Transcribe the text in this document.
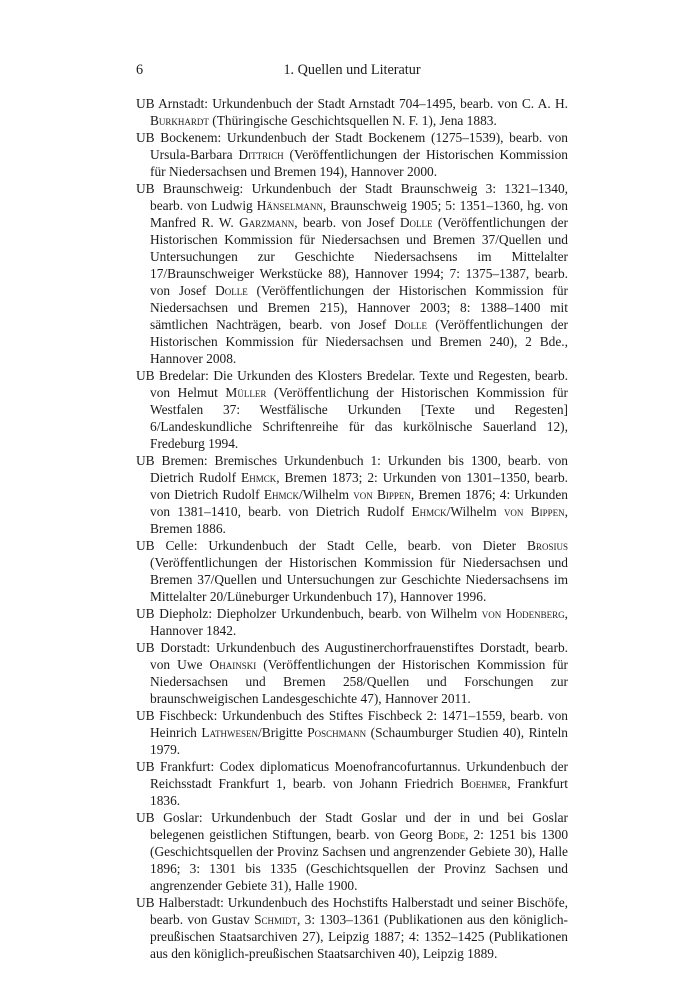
6	1. Quellen und Literatur

UB Arnstadt: Urkundenbuch der Stadt Arnstadt 704–1495, bearb. von C. A. H. Burkhardt (Thüringische Geschichtsquellen N. F. 1), Jena 1883.

UB Bockenem: Urkundenbuch der Stadt Bockenem (1275–1539), bearb. von Ursula-Barbara Dittrich (Veröffentlichungen der Historischen Kommission für Niedersachsen und Bremen 194), Hannover 2000.

UB Braunschweig: Urkundenbuch der Stadt Braunschweig 3: 1321–1340, bearb. von Ludwig Hänselmann, Braunschweig 1905; 5: 1351–1360, hg. von Manfred R. W. Garzmann, bearb. von Josef Dolle (Veröffentlichungen der Historischen Kommission für Niedersachsen und Bremen 37/Quellen und Untersuchungen zur Geschichte Niedersachsens im Mittelalter 17/Braunschweiger Werkstücke 88), Hannover 1994; 7: 1375–1387, bearb. von Josef Dolle (Veröffentlichungen der Historischen Kommission für Niedersachsen und Bremen 215), Hannover 2003; 8: 1388–1400 mit sämtlichen Nachträgen, bearb. von Josef Dolle (Veröffentlichungen der Historischen Kommission für Niedersachsen und Bremen 240), 2 Bde., Hannover 2008.

UB Bredelar: Die Urkunden des Klosters Bredelar. Texte und Regesten, bearb. von Helmut Müller (Veröffentlichung der Historischen Kommission für Westfalen 37: Westfälische Urkunden [Texte und Regesten] 6/Landeskundliche Schriftenreihe für das kurkölnische Sauerland 12), Fredeburg 1994.

UB Bremen: Bremisches Urkundenbuch 1: Urkunden bis 1300, bearb. von Dietrich Rudolf Ehmck, Bremen 1873; 2: Urkunden von 1301–1350, bearb. von Dietrich Rudolf Ehmck/Wilhelm von Bippen, Bremen 1876; 4: Urkunden von 1381–1410, bearb. von Dietrich Rudolf Ehmck/Wilhelm von Bippen, Bremen 1886.

UB Celle: Urkundenbuch der Stadt Celle, bearb. von Dieter Brosius (Veröffentlichungen der Historischen Kommission für Niedersachsen und Bremen 37/Quellen und Untersuchungen zur Geschichte Niedersachsens im Mittelalter 20/Lüneburger Urkundenbuch 17), Hannover 1996.

UB Diepholz: Diepholzer Urkundenbuch, bearb. von Wilhelm von Hodenberg, Hannover 1842.

UB Dorstadt: Urkundenbuch des Augustinerchorfrauenstiftes Dorstadt, bearb. von Uwe Ohainski (Veröffentlichungen der Historischen Kommission für Niedersachsen und Bremen 258/Quellen und Forschungen zur braunschweigischen Landesgeschichte 47), Hannover 2011.

UB Fischbeck: Urkundenbuch des Stiftes Fischbeck 2: 1471–1559, bearb. von Heinrich Lathwesen/Brigitte Poschmann (Schaumburger Studien 40), Rinteln 1979.

UB Frankfurt: Codex diplomaticus Moenofrancofurtannus. Urkundenbuch der Reichsstadt Frankfurt 1, bearb. von Johann Friedrich Boehmer, Frankfurt 1836.

UB Goslar: Urkundenbuch der Stadt Goslar und der in und bei Goslar belegenen geistlichen Stiftungen, bearb. von Georg Bode, 2: 1251 bis 1300 (Geschichtsquellen der Provinz Sachsen und angrenzender Gebiete 30), Halle 1896; 3: 1301 bis 1335 (Geschichtsquellen der Provinz Sachsen und angrenzender Gebiete 31), Halle 1900.

UB Halberstadt: Urkundenbuch des Hochstifts Halberstadt und seiner Bischöfe, bearb. von Gustav Schmidt, 3: 1303–1361 (Publikationen aus den königlich-preußischen Staatsarchiven 27), Leipzig 1887; 4: 1352–1425 (Publikationen aus den königlich-preußischen Staatsarchiven 40), Leipzig 1889.
